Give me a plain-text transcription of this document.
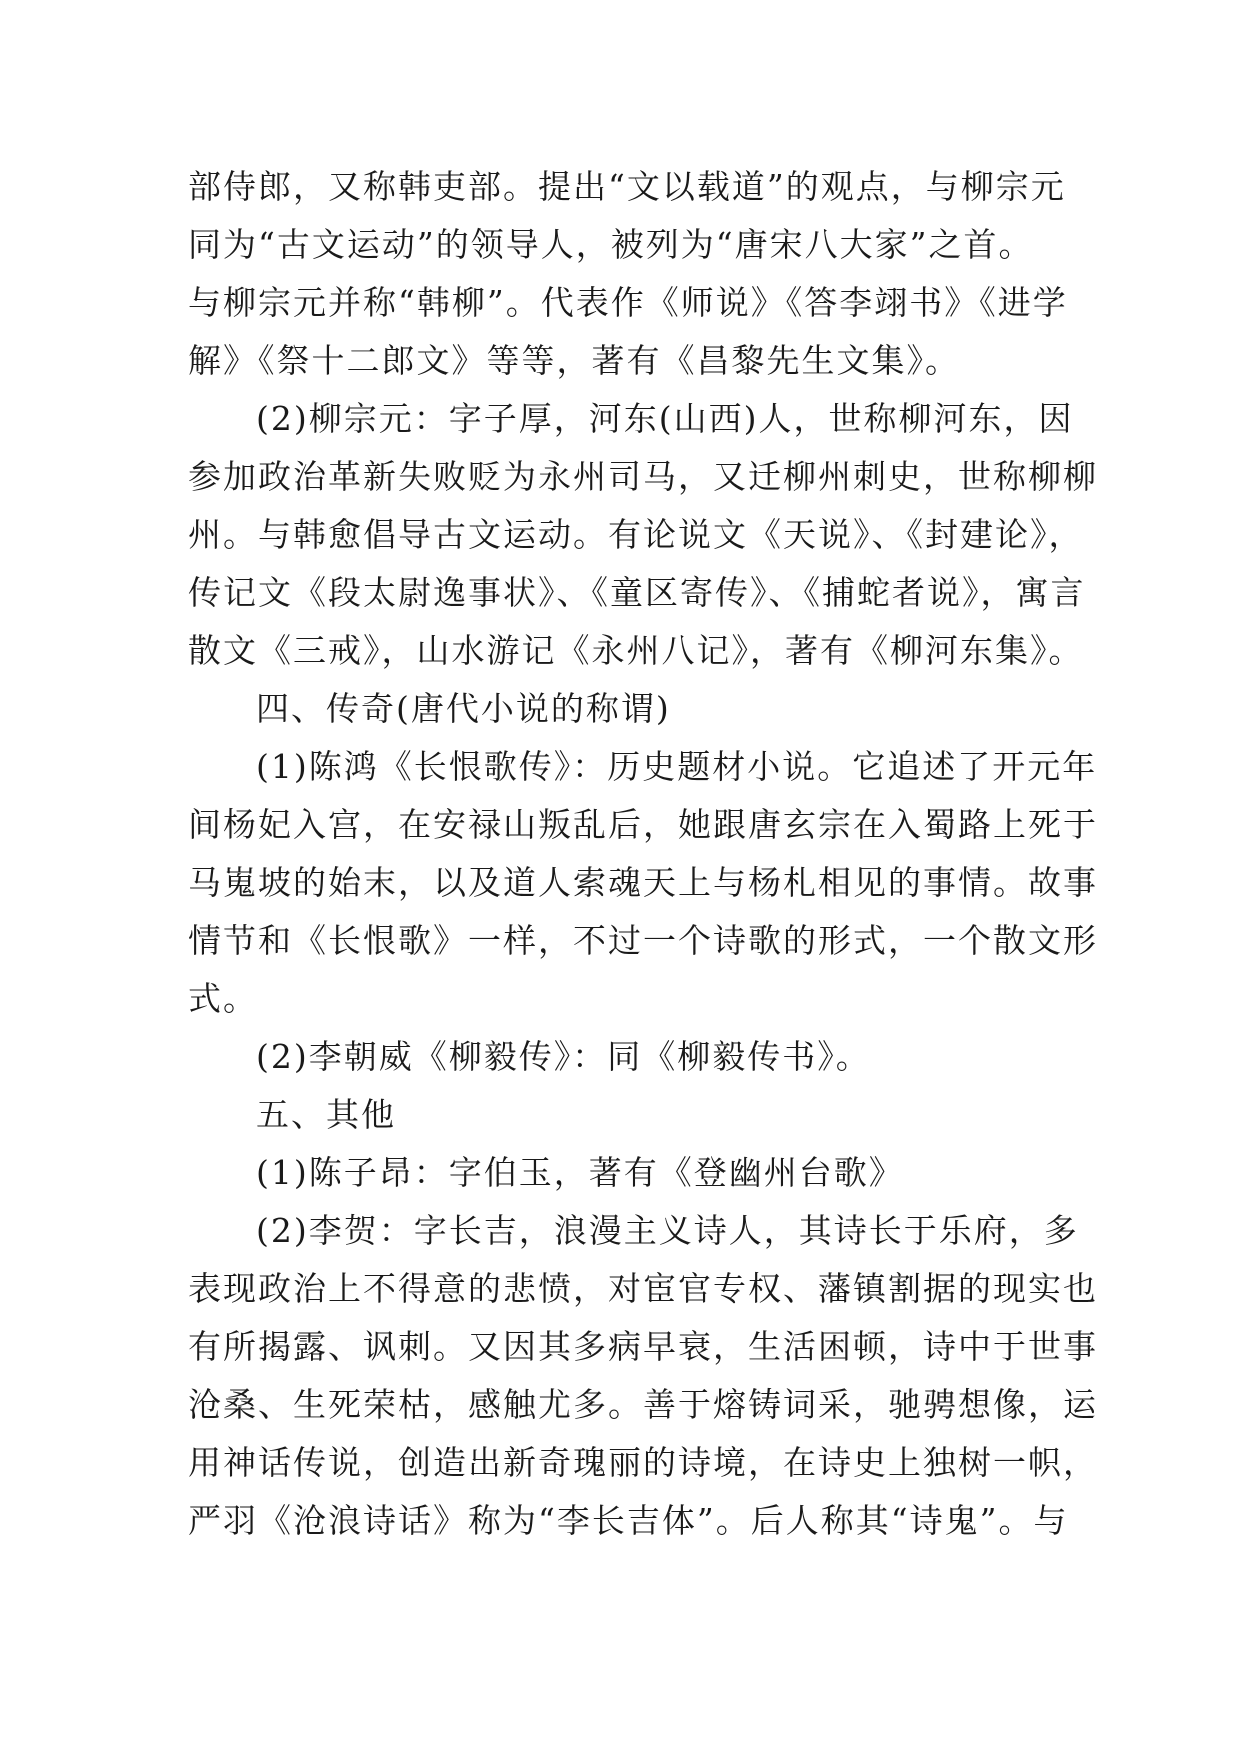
部侍郎，又称韩吏部。提出“文以载道”的观点，与柳宗元
同为“古文运动”的领导人，被列为“唐宋八大家”之首。
与柳宗元并称“韩柳”。代表作《师说》《答李翊书》《进学
解》《祭十二郎文》等等，著有《昌黎先生文集》。
(2)柳宗元：字子厚，河东(山西)人，世称柳河东，因
参加政治革新失败贬为永州司马，又迁柳州刺史，世称柳柳
州。与韩愈倡导古文运动。有论说文《天说》、《封建论》，
传记文《段太尉逸事状》、《童区寄传》、《捕蛇者说》，寓言
散文《三戒》，山水游记《永州八记》，著有《柳河东集》。
四、传奇(唐代小说的称谓)
(1)陈鸿《长恨歌传》：历史题材小说。它追述了开元年
间杨妃入宫，在安禄山叛乱后，她跟唐玄宗在入蜀路上死于
马嵬坡的始末，以及道人索魂天上与杨札相见的事情。故事
情节和《长恨歌》一样，不过一个诗歌的形式，一个散文形
式。
(2)李朝威《柳毅传》：同《柳毅传书》。
五、其他
(1)陈子昂：字伯玉，著有《登幽州台歌》
(2)李贺：字长吉，浪漫主义诗人，其诗长于乐府，多
表现政治上不得意的悲愤，对宦官专权、藩镇割据的现实也
有所揭露、讽刺。又因其多病早衰，生活困顿，诗中于世事
沧桑、生死荣枯，感触尤多。善于熔铸词采，驰骋想像，运
用神话传说，创造出新奇瑰丽的诗境，在诗史上独树一帜，
严羽《沧浪诗话》称为“李长吉体”。后人称其“诗鬼”。与
